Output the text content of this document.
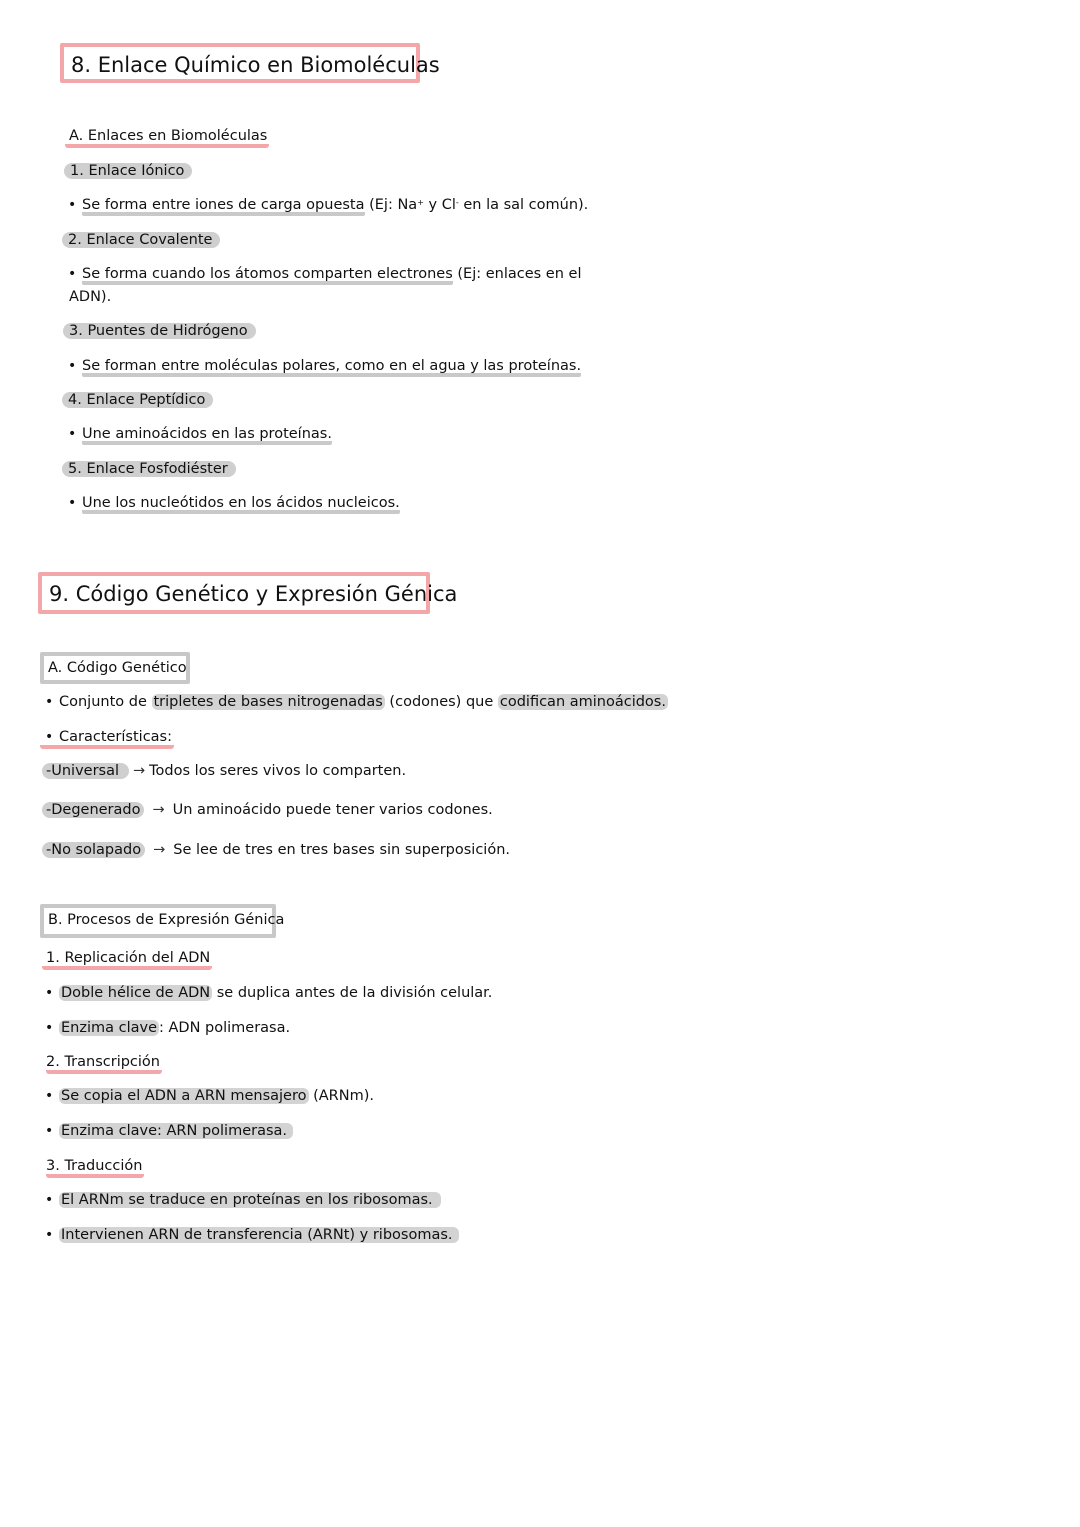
8. Enlace Químico en Biomoléculas
A. Enlaces en Biomoléculas
1. Enlace Iónico
• Se forma entre iones de carga opuesta (Ej: Na+ y Cl- en la sal común).
2. Enlace Covalente
• Se forma cuando los átomos comparten electrones (Ej: enlaces en el
ADN).
3. Puentes de Hidrógeno
• Se forman entre moléculas polares, como en el agua y las proteínas.
4. Enlace Peptídico
• Une aminoácidos en las proteínas.
5. Enlace Fosfodiéster
• Une los nucleótidos en los ácidos nucleicos.
9. Código Genético y Expresión Génica
A. Código Genético
• Conjunto de tripletes de bases nitrogenadas (codones) que codifican aminoácidos.
• Características:
-Universal → Todos los seres vivos lo comparten.
-Degenerado → Un aminoácido puede tener varios codones.
-No solapado → Se lee de tres en tres bases sin superposición.
B. Procesos de Expresión Génica
1. Replicación del ADN
• Doble hélice de ADN se duplica antes de la división celular.
• Enzima clave : ADN polimerasa.
2. Transcripción
• Se copia el ADN a ARN mensajero (ARNm).
• Enzima clave: ARN polimerasa.
3. Traducción
• El ARNm se traduce en proteínas en los ribosomas.
• Intervienen ARN de transferencia (ARNt) y ribosomas.
